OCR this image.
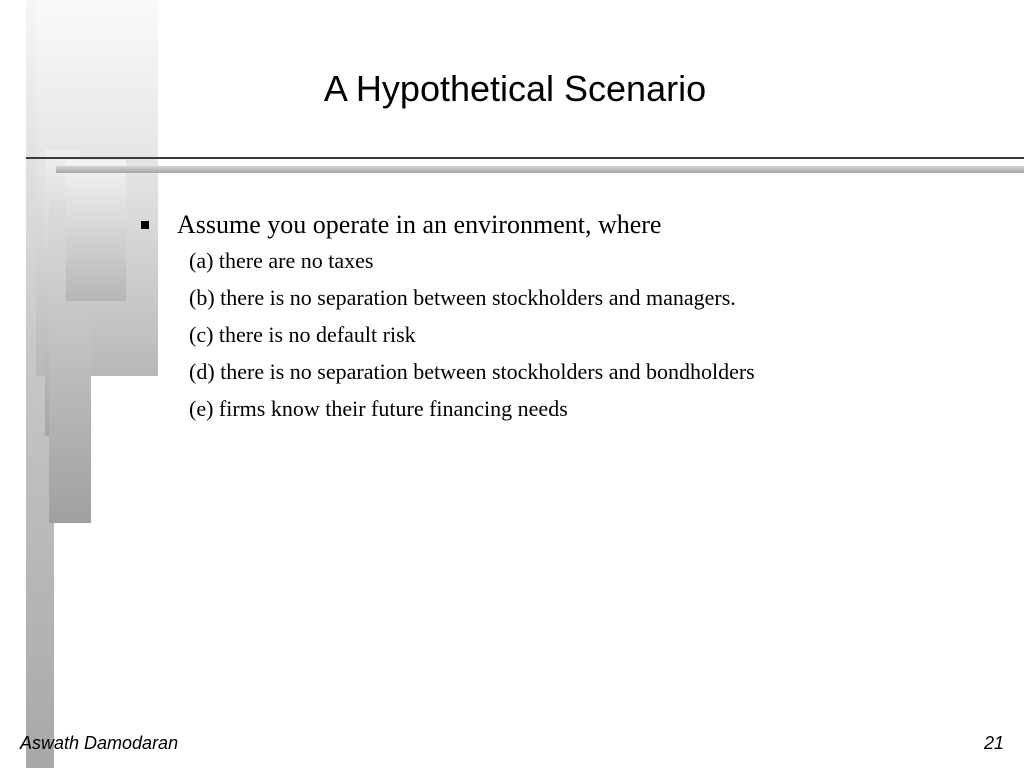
A Hypothetical Scenario
Assume you operate in an environment, where
(a) there are no taxes
(b) there is no separation between stockholders and managers.
(c) there is no default risk
(d) there is no separation between stockholders and bondholders
(e) firms know their future financing needs
Aswath Damodaran	21
